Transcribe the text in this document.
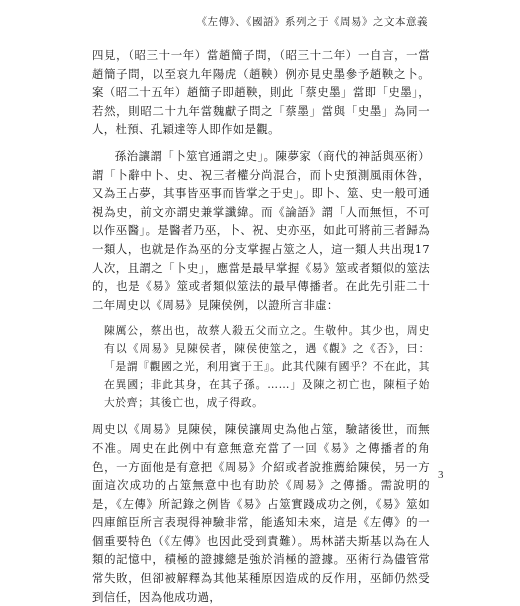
《左傳》、《國語》系列之于《周易》之文本意義

四見，（昭三十一年）當趙簡子問，（昭三十二年）一自言，一當趙簡子問，以至哀九年陽虎（趙鞅）例亦見史墨參予趙鞅之卜。案（昭二十五年）趙簡子即趙鞅，則此「蔡史墨」當即「史墨」，若然，則昭二十九年當魏獻子問之「蔡墨」當與「史墨」為同一人，杜預、孔穎達等人即作如是觀。

孫治讓謂「卜筮官通謂之史」。陳夢家（商代的神話與巫術）謂「卜辭中卜、史、祝三者權分尚混合，而卜史預測風雨休咎，又為王占夢，其事皆巫事而皆掌之于史」。即卜、筮、史一般可通視為史，前文亦謂史兼掌讖緯。而《論語》謂「人而無恒，不可以作巫醫」。是醫者乃巫，卜、祝、史亦巫，如此可將前三者歸為一類人，也就是作為巫的分支掌握占筮之人，這一類人共出現17人次，且謂之「卜史」，應當是最早掌握《易》筮或者類似的筮法的，也是《易》筮或者類似筮法的最早傳播者。在此先引莊二十二年周史以《周易》見陳侯例，以證所言非虛：

陳厲公，蔡出也，故蔡人殺五父而立之。生敬仲。其少也，周史有以《周易》見陳侯者，陳侯使筮之，遇《觀》之《否》，曰：「是謂『觀國之光，利用賓于王』。此其代陳有國乎？不在此，其在異國；非此其身，在其子孫。……」及陳之初亡也，陳桓子始大於齊；其後亡也，成子得政。

周史以《周易》見陳侯，陳侯讓周史為他占筮，驗諸後世，而無不准。周史在此例中有意無意充當了一回《易》之傳播者的角色，一方面他是有意把《周易》介紹或者說推薦給陳侯，另一方面這次成功的占筮無意中也有助於《周易》之傳播。需說明的是，《左傳》所記錄之例皆《易》占筮實踐成功之例，《易》筮如四庫館臣所言表現得神驗非常，能遙知未來，這是《左傳》的一個重要特色（《左傳》也因此受到責難）。馬林諾夫斯基以為在人類的記憶中，積極的證據總是強於消極的證據。巫術行為儘管常常失敗，但卻被解釋為其他某種原因造成的反作用，巫師仍然受到信任，因為他成功過，

3
